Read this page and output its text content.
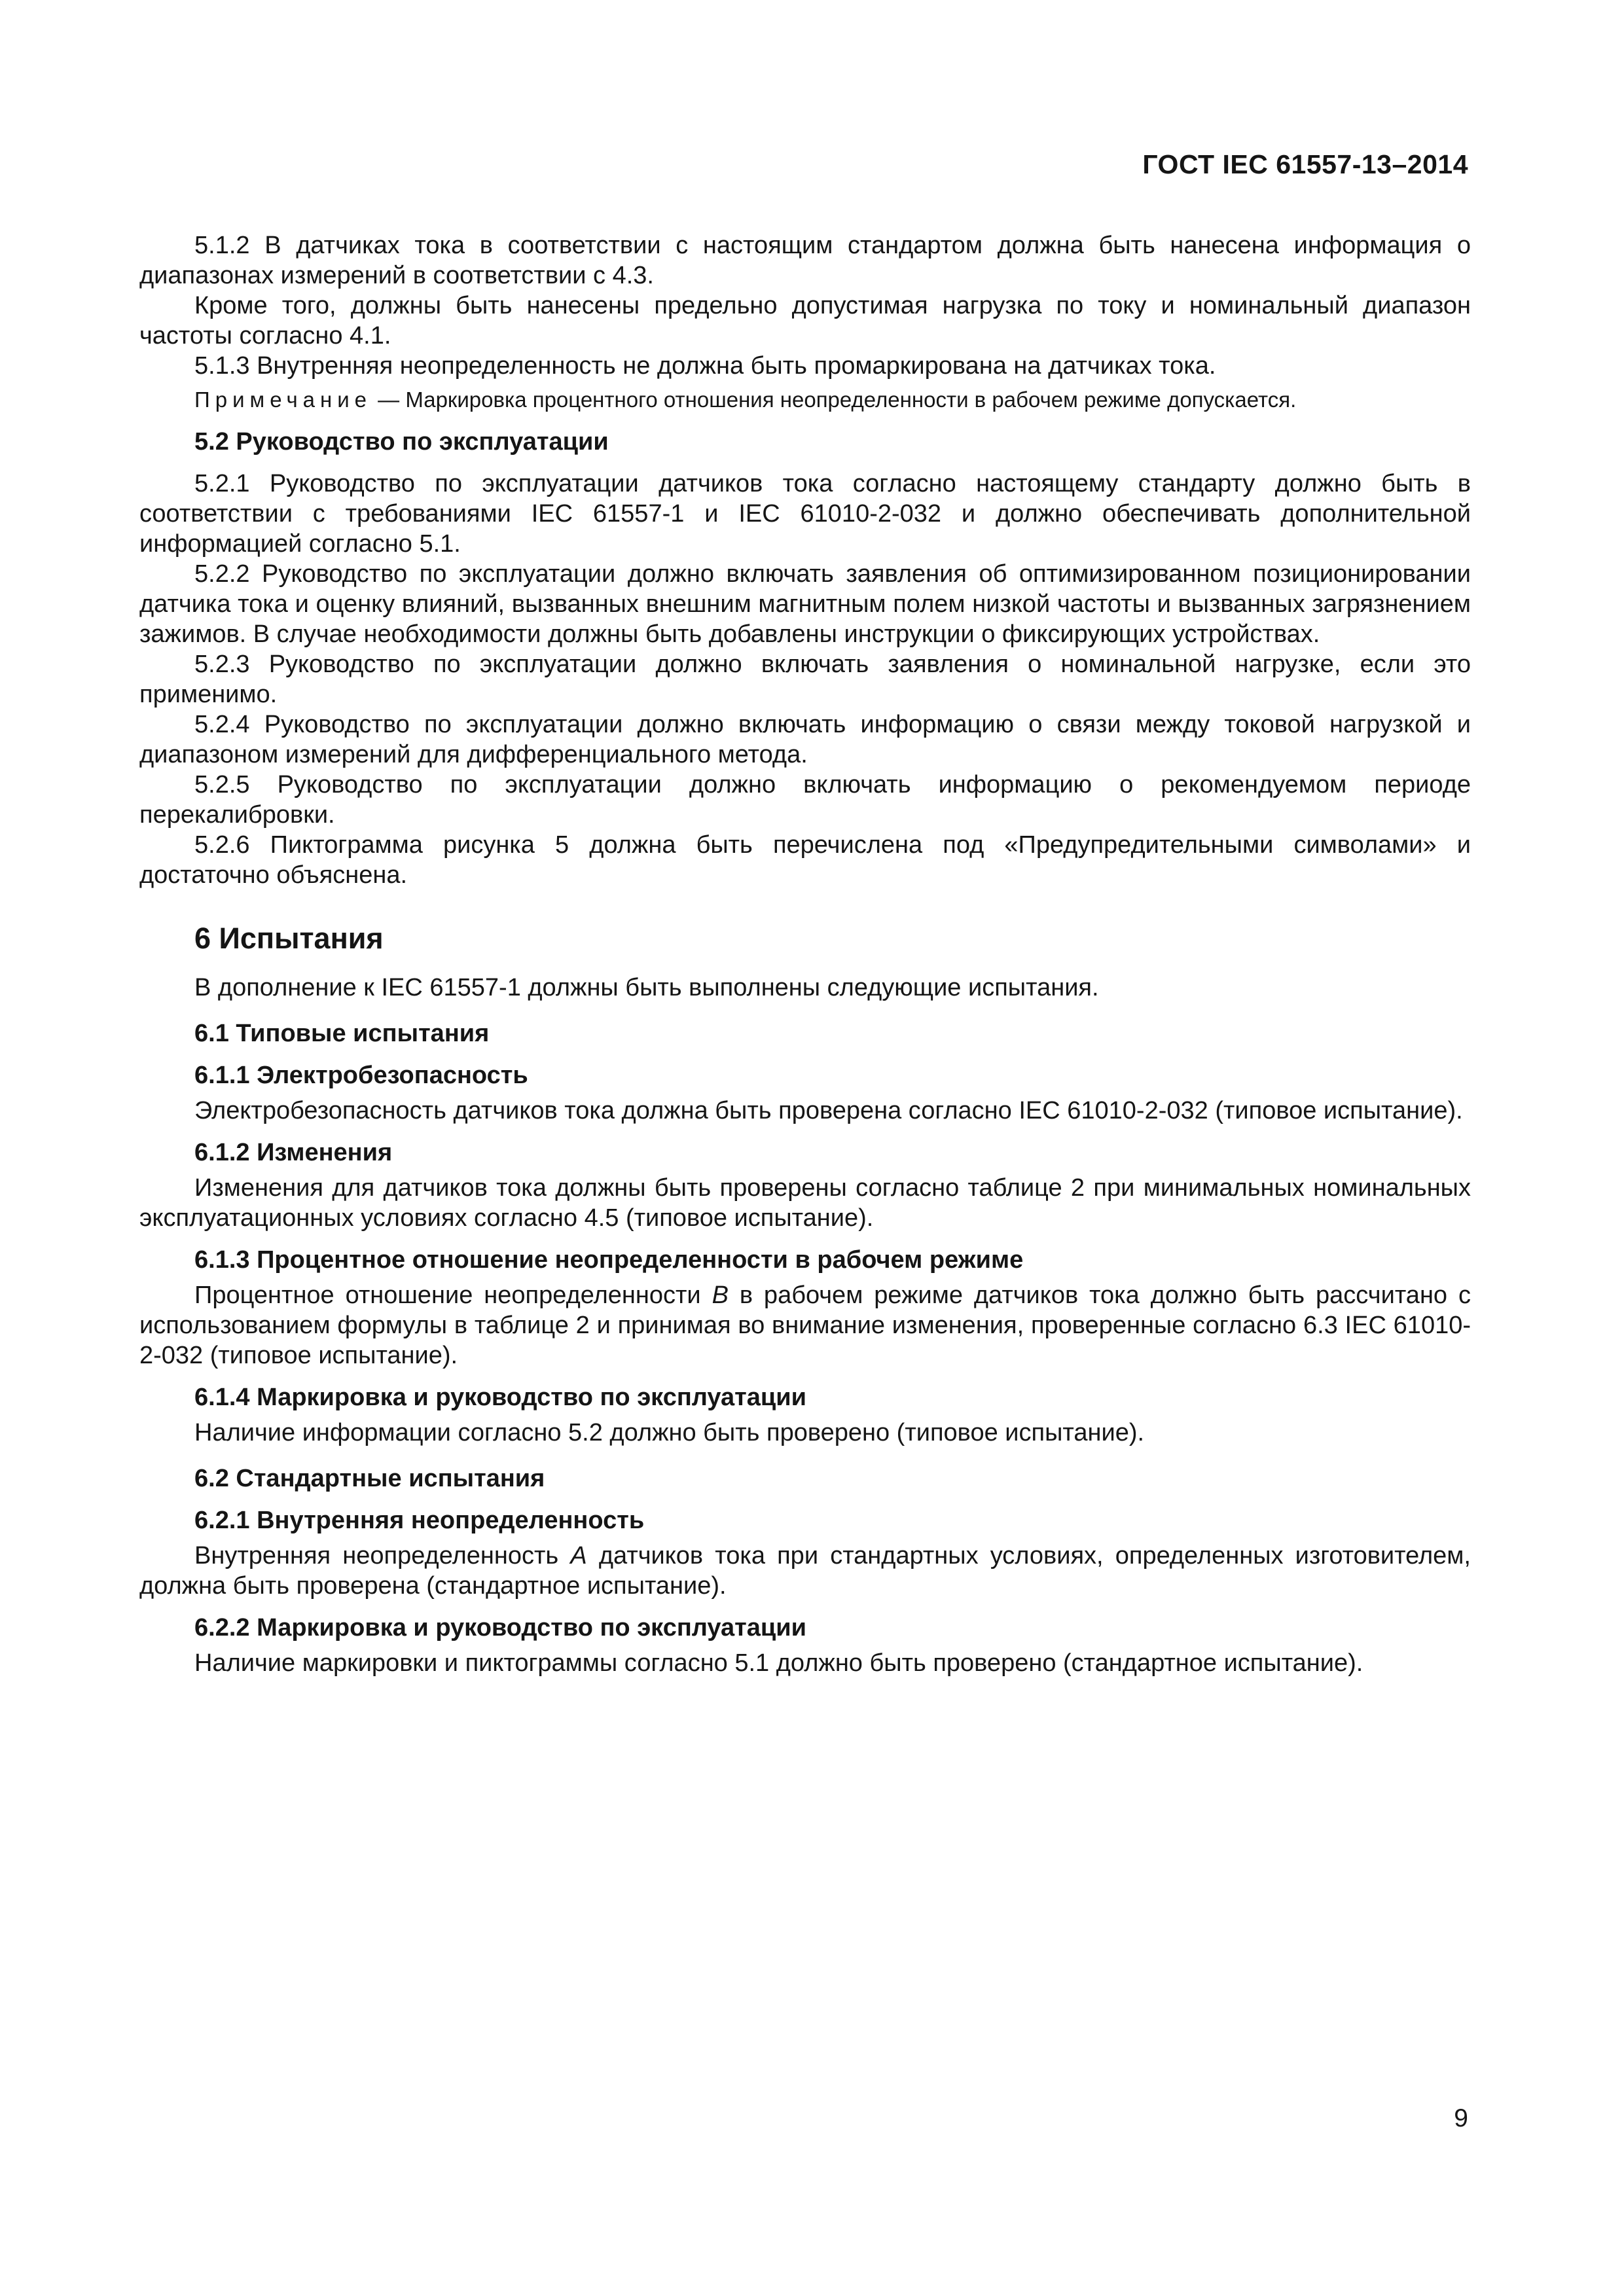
ГОСТ IEC 61557-13–2014

5.1.2 В датчиках тока в соответствии с настоящим стандартом должна быть нанесена информация о диапазонах измерений в соответствии с 4.3.

Кроме того, должны быть нанесены предельно допустимая нагрузка по току и номинальный диапазон частоты согласно 4.1.

5.1.3 Внутренняя неопределенность не должна быть промаркирована на датчиках тока.

Примечание — Маркировка процентного отношения неопределенности в рабочем режиме допускается.

5.2 Руководство по эксплуатации

5.2.1 Руководство по эксплуатации датчиков тока согласно настоящему стандарту должно быть в соответствии с требованиями IEC 61557-1 и IEC 61010-2-032 и должно обеспечивать дополнительной информацией согласно 5.1.

5.2.2 Руководство по эксплуатации должно включать заявления об оптимизированном позиционировании датчика тока и оценку влияний, вызванных внешним магнитным полем низкой частоты и вызванных загрязнением зажимов. В случае необходимости должны быть добавлены инструкции о фиксирующих устройствах.

5.2.3 Руководство по эксплуатации должно включать заявления о номинальной нагрузке, если это применимо.

5.2.4 Руководство по эксплуатации должно включать информацию о связи между токовой нагрузкой и диапазоном измерений для дифференциального метода.

5.2.5 Руководство по эксплуатации должно включать информацию о рекомендуемом периоде перекалибровки.

5.2.6 Пиктограмма рисунка 5 должна быть перечислена под «Предупредительными символами» и достаточно объяснена.

6 Испытания

В дополнение к IEC 61557-1 должны быть выполнены следующие испытания.

6.1 Типовые испытания
6.1.1 Электробезопасность

Электробезопасность датчиков тока должна быть проверена согласно IEC 61010-2-032 (типовое испытание).

6.1.2 Изменения

Изменения для датчиков тока должны быть проверены согласно таблице 2 при минимальных номинальных эксплуатационных условиях согласно 4.5 (типовое испытание).

6.1.3 Процентное отношение неопределенности в рабочем режиме

Процентное отношение неопределенности B в рабочем режиме датчиков тока должно быть рассчитано с использованием формулы в таблице 2 и принимая во внимание изменения, проверенные согласно 6.3 IEC 61010-2-032 (типовое испытание).

6.1.4 Маркировка и руководство по эксплуатации

Наличие информации согласно 5.2 должно быть проверено (типовое испытание).

6.2 Стандартные испытания
6.2.1 Внутренняя неопределенность

Внутренняя неопределенность A датчиков тока при стандартных условиях, определенных изготовителем, должна быть проверена (стандартное испытание).

6.2.2 Маркировка и руководство по эксплуатации

Наличие маркировки и пиктограммы согласно 5.1 должно быть проверено (стандартное испытание).

9
